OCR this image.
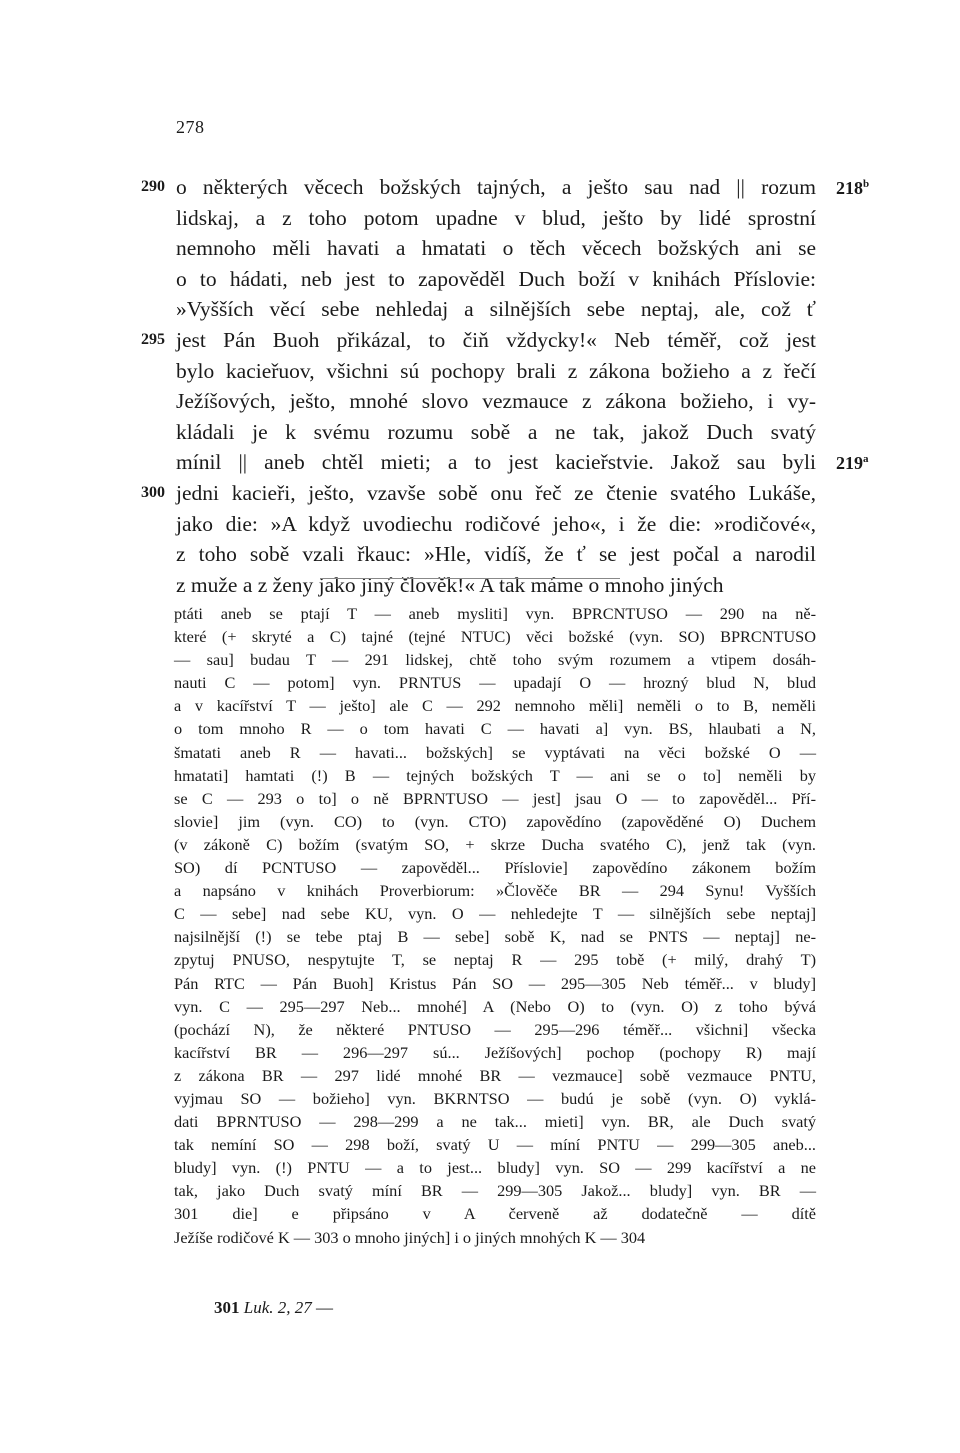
278
290
295
300
218$^b$
219$^a$
o některých věcech božských tajných, a ješto sau nad || rozum
lidskaj, a z toho potom upadne v blud, ješto by lidé sprostní
nemnoho měli havati a hmatati o těch věcech božských ani se
o to hádati, neb jest to zapověděl Duch boží v knihách Příslovie:
»Vyšších věcí sebe nehledaj a silnějších sebe neptaj, ale, což ť
jest Pán Buoh přikázal, to čiň vždycky!« Neb téměř, což jest
bylo kacieřuov, všichni sú pochopy brali z zákona božieho a z řečí
Ježíšových, ješto, mnohé slovo vezmauce z zákona božieho, i vy-
kládali je k svému rozumu sobě a ne tak, jakož Duch svatý
mínil || aneb chtěl mieti; a to jest kacieřstvie. Jakož sau byli
jedni kacieři, ješto, vzavše sobě onu řeč ze čtenie svatého Lukáše,
jako die: »A když uvodiechu rodičové jeho«, i že die: »rodičové«,
z toho sobě vzali řkauc: »Hle, vidíš, že ť se jest počal a narodil
z muže a z ženy jako jiný člověk!« A tak máme o mnoho jiných
ptáti aneb se ptají T — aneb mysliti] vyn. BPRCNTUSO — 290 na ně-
které (+ skryté a C) tajné (tejné NTUC) věci božské (vyn. SO) BPRCNTUSO
— sau] budau T — 291 lidskej, chtě toho svým rozumem a vtipem dosáh-
nauti C — potom] vyn. PRNTUS — upadají O — hrozný blud N, blud
a v kacířství T — ješto] ale C — 292 nemnoho měli] neměli o to B, neměli
o tom mnoho R — o tom havati C — havati a] vyn. BS, hlaubati a N,
šmatati aneb R — havati... božských] se vyptávati na věci božské O —
hmatati] hamtati (!) B — tejných božských T — ani se o to] neměli by
se C — 293 o to] o ně BPRNTUSO — jest] jsau O — to zapověděl... Pří-
slovie] jim (vyn. CO) to (vyn. CTO) zapovědíno (zapověděné O) Duchem
(v zákoně C) božím (svatým SO, + skrze Ducha svatého C), jenž tak (vyn.
SO) dí PCNTUSO — zapověděl... Příslovie] zapovědíno zákonem božím
a napsáno v knihách Proverbiorum: »Člověče BR — 294 Synu! Vyšších
C — sebe] nad sebe KU, vyn. O — nehledejte T — silnějších sebe neptaj]
najsilnější (!) se tebe ptaj B — sebe] sobě K, nad se PNTS — neptaj] ne-
zpytuj PNUSO, nespytujte T, se neptaj R — 295 tobě (+ milý, drahý T)
Pán RTC — Pán Buoh] Kristus Pán SO — 295—305 Neb téměř... v bludy]
vyn. C — 295—297 Neb... mnohé] A (Nebo O) to (vyn. O) z toho bývá
(pochází N), že některé PNTUSO — 295—296 téměř... všichni] všecka
kacířství BR — 296—297 sú... Ježíšových] pochop (pochopy R) mají
z zákona BR — 297 lidé mnohé BR — vezmauce] sobě vezmauce PNTU,
vyjmau SO — božieho] vyn. BKRNTSO — budú je sobě (vyn. O) vyklá-
dati BPRNTUSO — 298—299 a ne tak... mieti] vyn. BR, ale Duch svatý
tak nemíní SO — 298 boží, svatý U — míní PNTU — 299—305 aneb...
bludy] vyn. (!) PNTU — a to jest... bludy] vyn. SO — 299 kacířství a ne
tak, jako Duch svatý míní BR — 299—305 Jakož... bludy] vyn. BR —
301 die] e připsáno v A červeně až dodatečně — dítě
Ježíše rodičové K — 303 o mnoho jiných] i o jiných mnohých K — 304
301 Luk. 2, 27 —
